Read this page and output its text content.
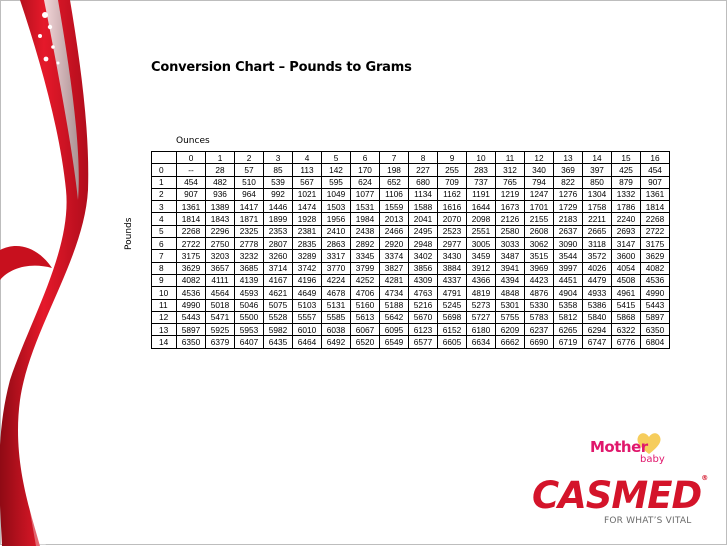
Conversion Chart – Pounds to Grams
Ounces
Pounds
	0	1	2	3	4	5	6	7	8	9	10	11	12	13	14	15	16
0	--	28	57	85	113	142	170	198	227	255	283	312	340	369	397	425	454
1	454	482	510	539	567	595	624	652	680	709	737	765	794	822	850	879	907
2	907	936	964	992	1021	1049	1077	1106	1134	1162	1191	1219	1247	1276	1304	1332	1361
3	1361	1389	1417	1446	1474	1503	1531	1559	1588	1616	1644	1673	1701	1729	1758	1786	1814
4	1814	1843	1871	1899	1928	1956	1984	2013	2041	2070	2098	2126	2155	2183	2211	2240	2268
5	2268	2296	2325	2353	2381	2410	2438	2466	2495	2523	2551	2580	2608	2637	2665	2693	2722
6	2722	2750	2778	2807	2835	2863	2892	2920	2948	2977	3005	3033	3062	3090	3118	3147	3175
7	3175	3203	3232	3260	3289	3317	3345	3374	3402	3430	3459	3487	3515	3544	3572	3600	3629
8	3629	3657	3685	3714	3742	3770	3799	3827	3856	3884	3912	3941	3969	3997	4026	4054	4082
9	4082	4111	4139	4167	4196	4224	4252	4281	4309	4337	4366	4394	4423	4451	4479	4508	4536
10	4536	4564	4593	4621	4649	4678	4706	4734	4763	4791	4819	4848	4876	4904	4933	4961	4990
11	4990	5018	5046	5075	5103	5131	5160	5188	5216	5245	5273	5301	5330	5358	5386	5415	5443
12	5443	5471	5500	5528	5557	5585	5613	5642	5670	5698	5727	5755	5783	5812	5840	5868	5897
13	5897	5925	5953	5982	6010	6038	6067	6095	6123	6152	6180	6209	6237	6265	6294	6322	6350
14	6350	6379	6407	6435	6464	6492	6520	6549	6577	6605	6634	6662	6690	6719	6747	6776	6804
Mother
baby
CASMED®
FOR WHAT’S VITAL
